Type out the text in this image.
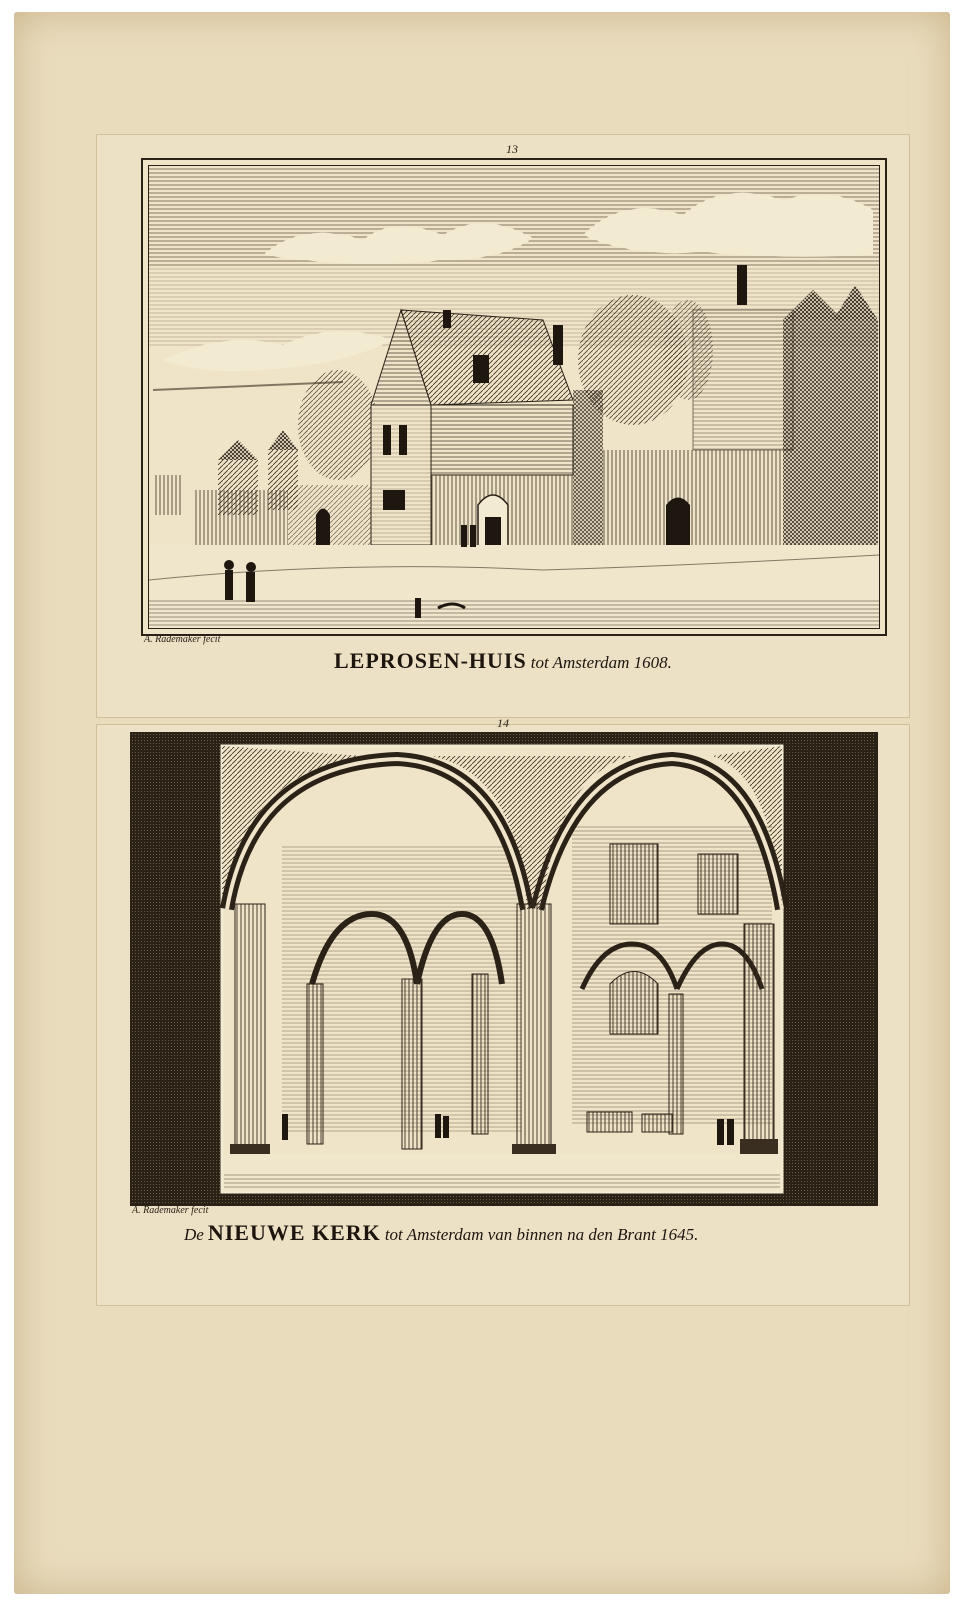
13
A. Rademaker fecit
LEPROSEN-HUIS tot Amsterdam 1608.
14
A. Rademaker fecit
De NIEUWE KERK tot Amsterdam van binnen na den Brant 1645.
